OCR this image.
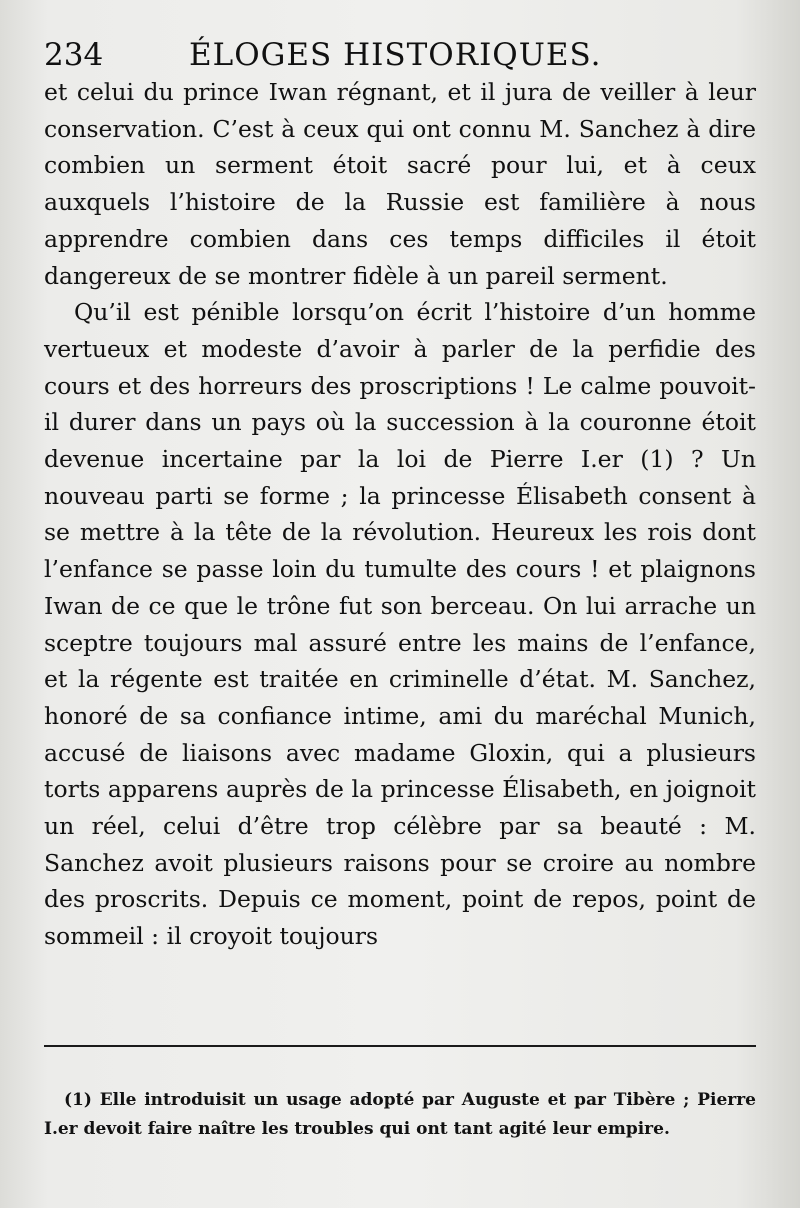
234	ÉLOGES HISTORIQUES.

et celui du prince Iwan régnant, et il jura de veiller à leur conservation. C’est à ceux qui ont connu M. Sanchez à dire combien un serment étoit sacré pour lui, et à ceux auxquels l’histoire de la Russie est familière à nous apprendre combien dans ces temps difficiles il étoit dangereux de se montrer fidèle à un pareil serment.

Qu’il est pénible lorsqu’on écrit l’histoire d’un homme vertueux et modeste d’avoir à parler de la perfidie des cours et des horreurs des proscriptions ! Le calme pouvoit-il durer dans un pays où la succession à la couronne étoit devenue incertaine par la loi de Pierre I.er (1) ? Un nouveau parti se forme ; la princesse Élisabeth consent à se mettre à la tête de la révolution. Heureux les rois dont l’enfance se passe loin du tumulte des cours ! et plaignons Iwan de ce que le trône fut son berceau. On lui arrache un sceptre toujours mal assuré entre les mains de l’enfance, et la régente est traitée en criminelle d’état. M. Sanchez, honoré de sa confiance intime, ami du maréchal Munich, accusé de liaisons avec madame Gloxin, qui a plusieurs torts apparens auprès de la princesse Élisabeth, en joignoit un réel, celui d’être trop célèbre par sa beauté : M. Sanchez avoit plusieurs raisons pour se croire au nombre des proscrits. Depuis ce moment, point de repos, point de sommeil : il croyoit toujours

(1) Elle introduisit un usage adopté par Auguste et par Tibère ; Pierre I.er devoit faire naître les troubles qui ont tant agité leur empire.
